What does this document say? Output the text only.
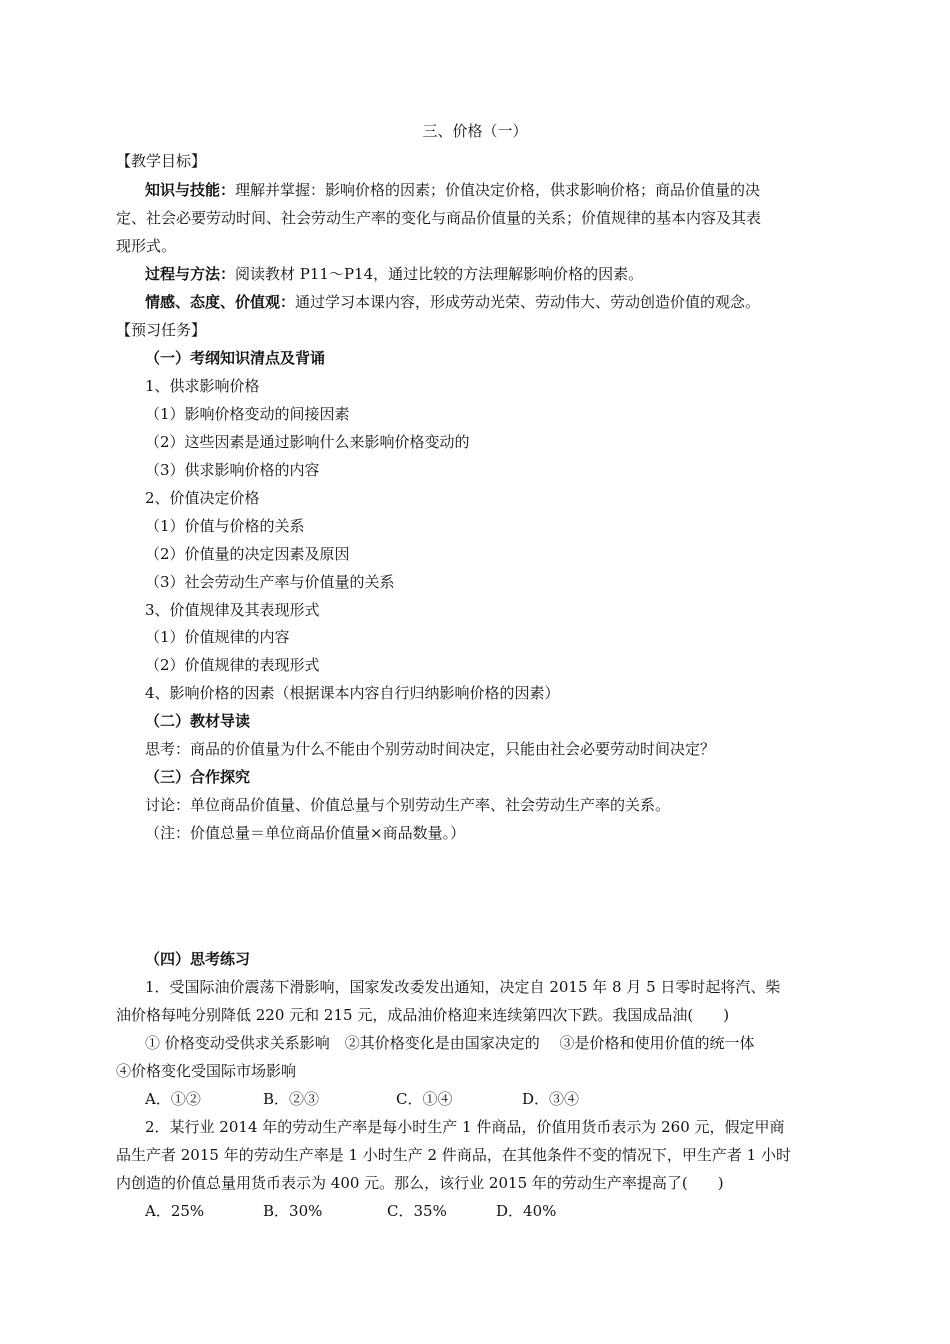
三、价格（一）
【教学目标】
知识与技能：理解并掌握：影响价格的因素；价值决定价格，供求影响价格；商品价值量的决
定、社会必要劳动时间、社会劳动生产率的变化与商品价值量的关系；价值规律的基本内容及其表
现形式。
过程与方法：阅读教材 P11～P14，通过比较的方法理解影响价格的因素。
情感、态度、价值观：通过学习本课内容，形成劳动光荣、劳动伟大、劳动创造价值的观念。
【预习任务】
（一）考纲知识清点及背诵
1、供求影响价格
（1）影响价格变动的间接因素
（2）这些因素是通过影响什么来影响价格变动的
（3）供求影响价格的内容
2、价值决定价格
（1）价值与价格的关系
（2）价值量的决定因素及原因
（3）社会劳动生产率与价值量的关系
3、价值规律及其表现形式
（1）价值规律的内容
（2）价值规律的表现形式
4、影响价格的因素（根据课本内容自行归纳影响价格的因素）
（二）教材导读
思考：商品的价值量为什么不能由个别劳动时间决定，只能由社会必要劳动时间决定？
（三）合作探究
讨论：单位商品价值量、价值总量与个别劳动生产率、社会劳动生产率的关系。
（注：价值总量＝单位商品价值量×商品数量。）
（四）思考练习
1．受国际油价震荡下滑影响，国家发改委发出通知，决定自 2015 年 8 月 5 日零时起将汽、柴
油价格每吨分别降低 220 元和 215 元，成品油价格迎来连续第四次下跌。我国成品油(　　)
① 价格变动受供求关系影响　②其价格变化是由国家决定的　 ③是价格和使用价值的统一体
④价格变化受国际市场影响
A．①②	B．②③	C．①④	D．③④
2．某行业 2014 年的劳动生产率是每小时生产 1 件商品，价值用货币表示为 260 元，假定甲商
品生产者 2015 年的劳动生产率是 1 小时生产 2 件商品，在其他条件不变的情况下，甲生产者 1 小时
内创造的价值总量用货币表示为 400 元。那么，该行业 2015 年的劳动生产率提高了(　　)
A．25%	B．30%	C．35%	D．40%
